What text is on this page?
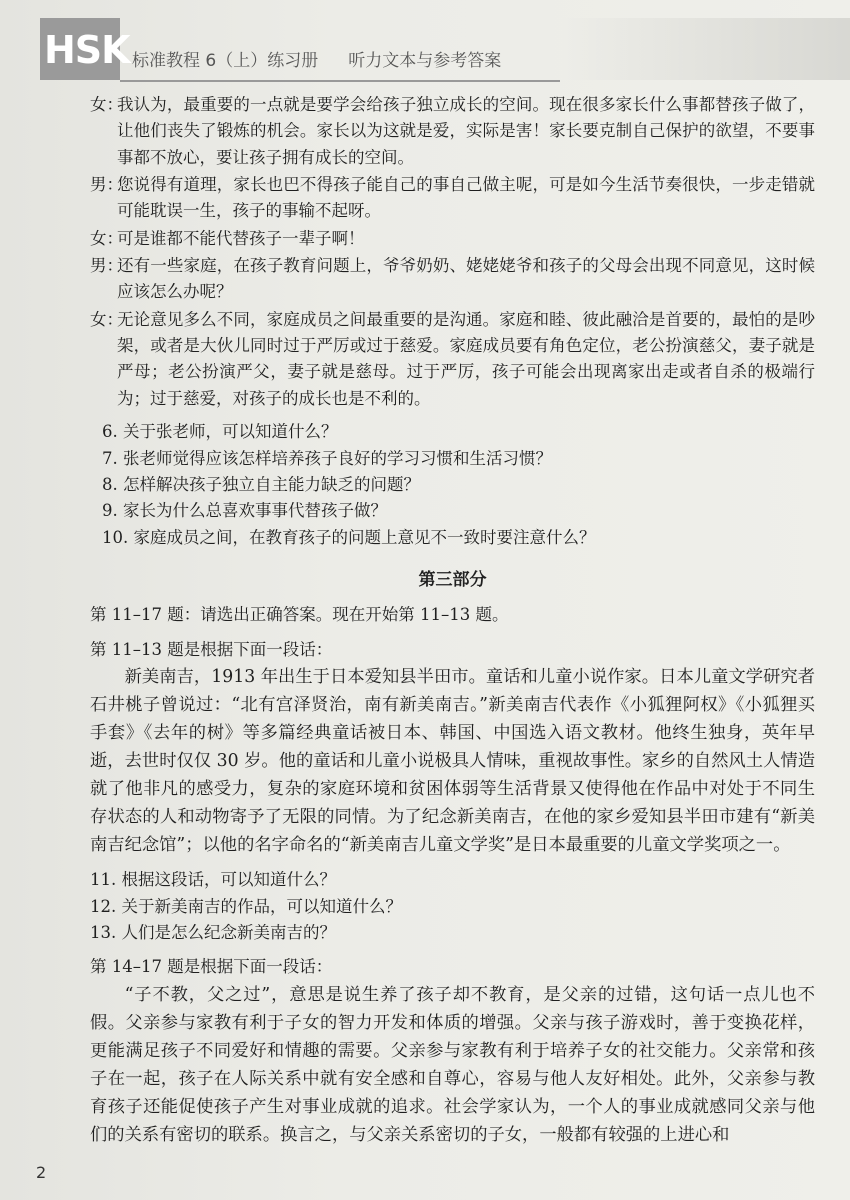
HSK 标准教程 6（上）练习册 听力文本与参考答案
女：
我认为，最重要的一点就是要学会给孩子独立成长的空间。现在很多家长什么事都替孩子做了，让他们丧失了锻炼的机会。家长以为这就是爱，实际是害！家长要克制自己保护的欲望，不要事事都不放心，要让孩子拥有成长的空间。
男：
您说得有道理，家长也巴不得孩子能自己的事自己做主呢，可是如今生活节奏很快，一步走错就可能耽误一生，孩子的事输不起呀。
女：
可是谁都不能代替孩子一辈子啊！
男：
还有一些家庭，在孩子教育问题上，爷爷奶奶、姥姥姥爷和孩子的父母会出现不同意见，这时候应该怎么办呢？
女：
无论意见多么不同，家庭成员之间最重要的是沟通。家庭和睦、彼此融洽是首要的，最怕的是吵架，或者是大伙儿同时过于严厉或过于慈爱。家庭成员要有角色定位，老公扮演慈父，妻子就是严母；老公扮演严父，妻子就是慈母。过于严厉，孩子可能会出现离家出走或者自杀的极端行为；过于慈爱，对孩子的成长也是不利的。
6. 关于张老师，可以知道什么？
7. 张老师觉得应该怎样培养孩子良好的学习习惯和生活习惯？
8. 怎样解决孩子独立自主能力缺乏的问题？
9. 家长为什么总喜欢事事代替孩子做？
10. 家庭成员之间，在教育孩子的问题上意见不一致时要注意什么？
第三部分

第 11–17 题：请选出正确答案。现在开始第 11–13 题。

第 11–13 题是根据下面一段话：

新美南吉，1913 年出生于日本爱知县半田市。童话和儿童小说作家。日本儿童文学研究者石井桃子曾说过：“北有宫泽贤治，南有新美南吉。”新美南吉代表作《小狐狸阿权》《小狐狸买手套》《去年的树》等多篇经典童话被日本、韩国、中国选入语文教材。他终生独身，英年早逝，去世时仅仅 30 岁。他的童话和儿童小说极具人情味，重视故事性。家乡的自然风土人情造就了他非凡的感受力，复杂的家庭环境和贫困体弱等生活背景又使得他在作品中对处于不同生存状态的人和动物寄予了无限的同情。为了纪念新美南吉，在他的家乡爱知县半田市建有“新美南吉纪念馆”；以他的名字命名的“新美南吉儿童文学奖”是日本最重要的儿童文学奖项之一。

11. 根据这段话，可以知道什么？
12. 关于新美南吉的作品，可以知道什么？
13. 人们是怎么纪念新美南吉的？

第 14–17 题是根据下面一段话：

“子不教，父之过”，意思是说生养了孩子却不教育，是父亲的过错，这句话一点儿也不假。父亲参与家教有利于子女的智力开发和体质的增强。父亲与孩子游戏时，善于变换花样，更能满足孩子不同爱好和情趣的需要。父亲参与家教有利于培养子女的社交能力。父亲常和孩子在一起，孩子在人际关系中就有安全感和自尊心，容易与他人友好相处。此外，父亲参与教育孩子还能促使孩子产生对事业成就的追求。社会学家认为，一个人的事业成就感同父亲与他们的关系有密切的联系。换言之，与父亲关系密切的子女，一般都有较强的上进心和

2
